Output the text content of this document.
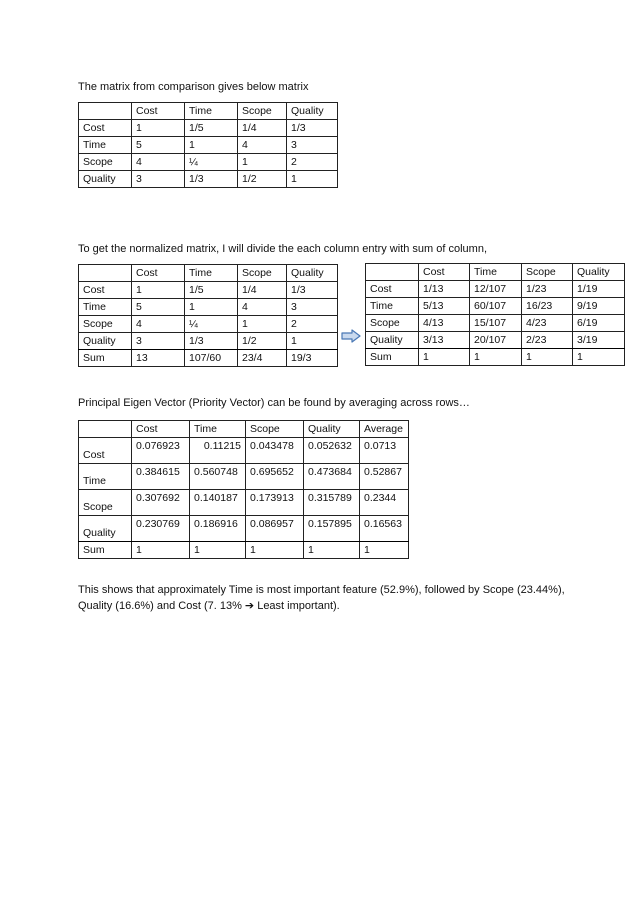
The matrix from comparison gives below matrix
	Cost	Time	Scope	Quality
Cost	1	1/5	1/4	1/3
Time	5	1	4	3
Scope	4	¼	1	2
Quality	3	1/3	1/2	1
To get the normalized matrix, I will divide the each column entry with sum of column,
	Cost	Time	Scope	Quality
Cost	1	1/5	1/4	1/3
Time	5	1	4	3
Scope	4	¼	1	2
Quality	3	1/3	1/2	1
Sum	13	107/60	23/4	19/3
	Cost	Time	Scope	Quality
Cost	1/13	12/107	1/23	1/19
Time	5/13	60/107	16/23	9/19
Scope	4/13	15/107	4/23	6/19
Quality	3/13	20/107	2/23	3/19
Sum	1	1	1	1
Principal Eigen Vector (Priority Vector) can be found by averaging across rows…
	Cost	Time	Scope	Quality	Average
Cost	0.076923	0.11215	0.043478	0.052632	0.0713
Time	0.384615	0.560748	0.695652	0.473684	0.52867
Scope	0.307692	0.140187	0.173913	0.315789	0.2344
Quality	0.230769	0.186916	0.086957	0.157895	0.16563
Sum	1	1	1	1	1
This shows that approximately Time is most important feature (52.9%), followed by Scope (23.44%),
Quality (16.6%) and Cost (7. 13% ➔ Least important).
